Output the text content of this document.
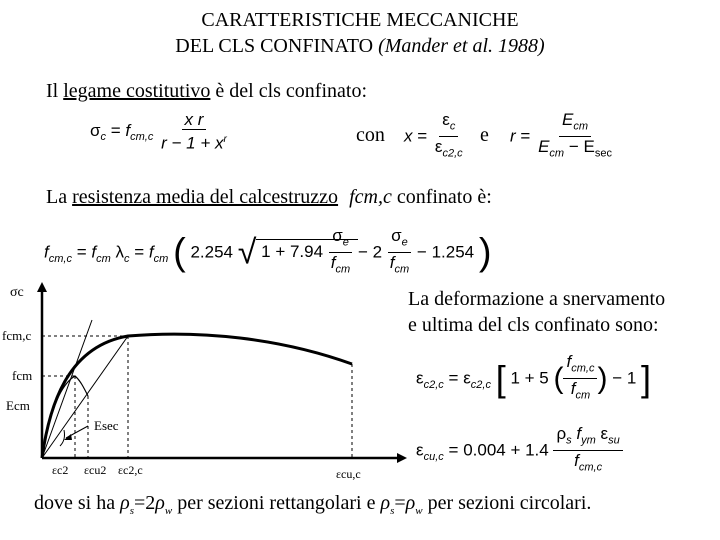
CARATTERISTICHE MECCANICHE
DEL CLS CONFINATO (Mander et al. 1988)
Il legame costitutivo è del cls confinato:
$\sigma_c = f_{cm,c} \frac{\text{x r}}{r - 1 + x^r}$	con $x = \frac{\varepsilon_c}{\varepsilon_{c2,c}}$ e $r = \frac{E_{cm}}{E_{cm} - E_{sec}}$
La resistenza media del calcestruzzo fcm,c confinato è:
$f_{cm,c} = f_{cm}$ $\lambda_c = f_{cm}$ ( 2.254 √ $1 + 7.94 \frac{\sigma_e}{f_{cm}} - 2 \frac{\sigma_e}{f_{cm}} - 1.254$ )
σc
fcm,c
fcm
Ecm
Esec
εc2 εcu2 εc2,c	εcu,c
La deformazione a snervamento
e ultima del cls confinato sono:
$\varepsilon_{c2,c} = \varepsilon_{c2,c}$ [ 1 + 5 ( $\frac{f_{cm,c}}{f_{cm}}$ ) − 1 ]
$\varepsilon_{cu,c} = 0.004 + 1.4 \frac{\rho_s f_{ym} \varepsilon_{su}}{f_{cm,c}}$
dove si ha $\rho_s=2\rho_w$ per sezioni rettangolari e $\rho_s=\rho_w$ per sezioni circolari.
